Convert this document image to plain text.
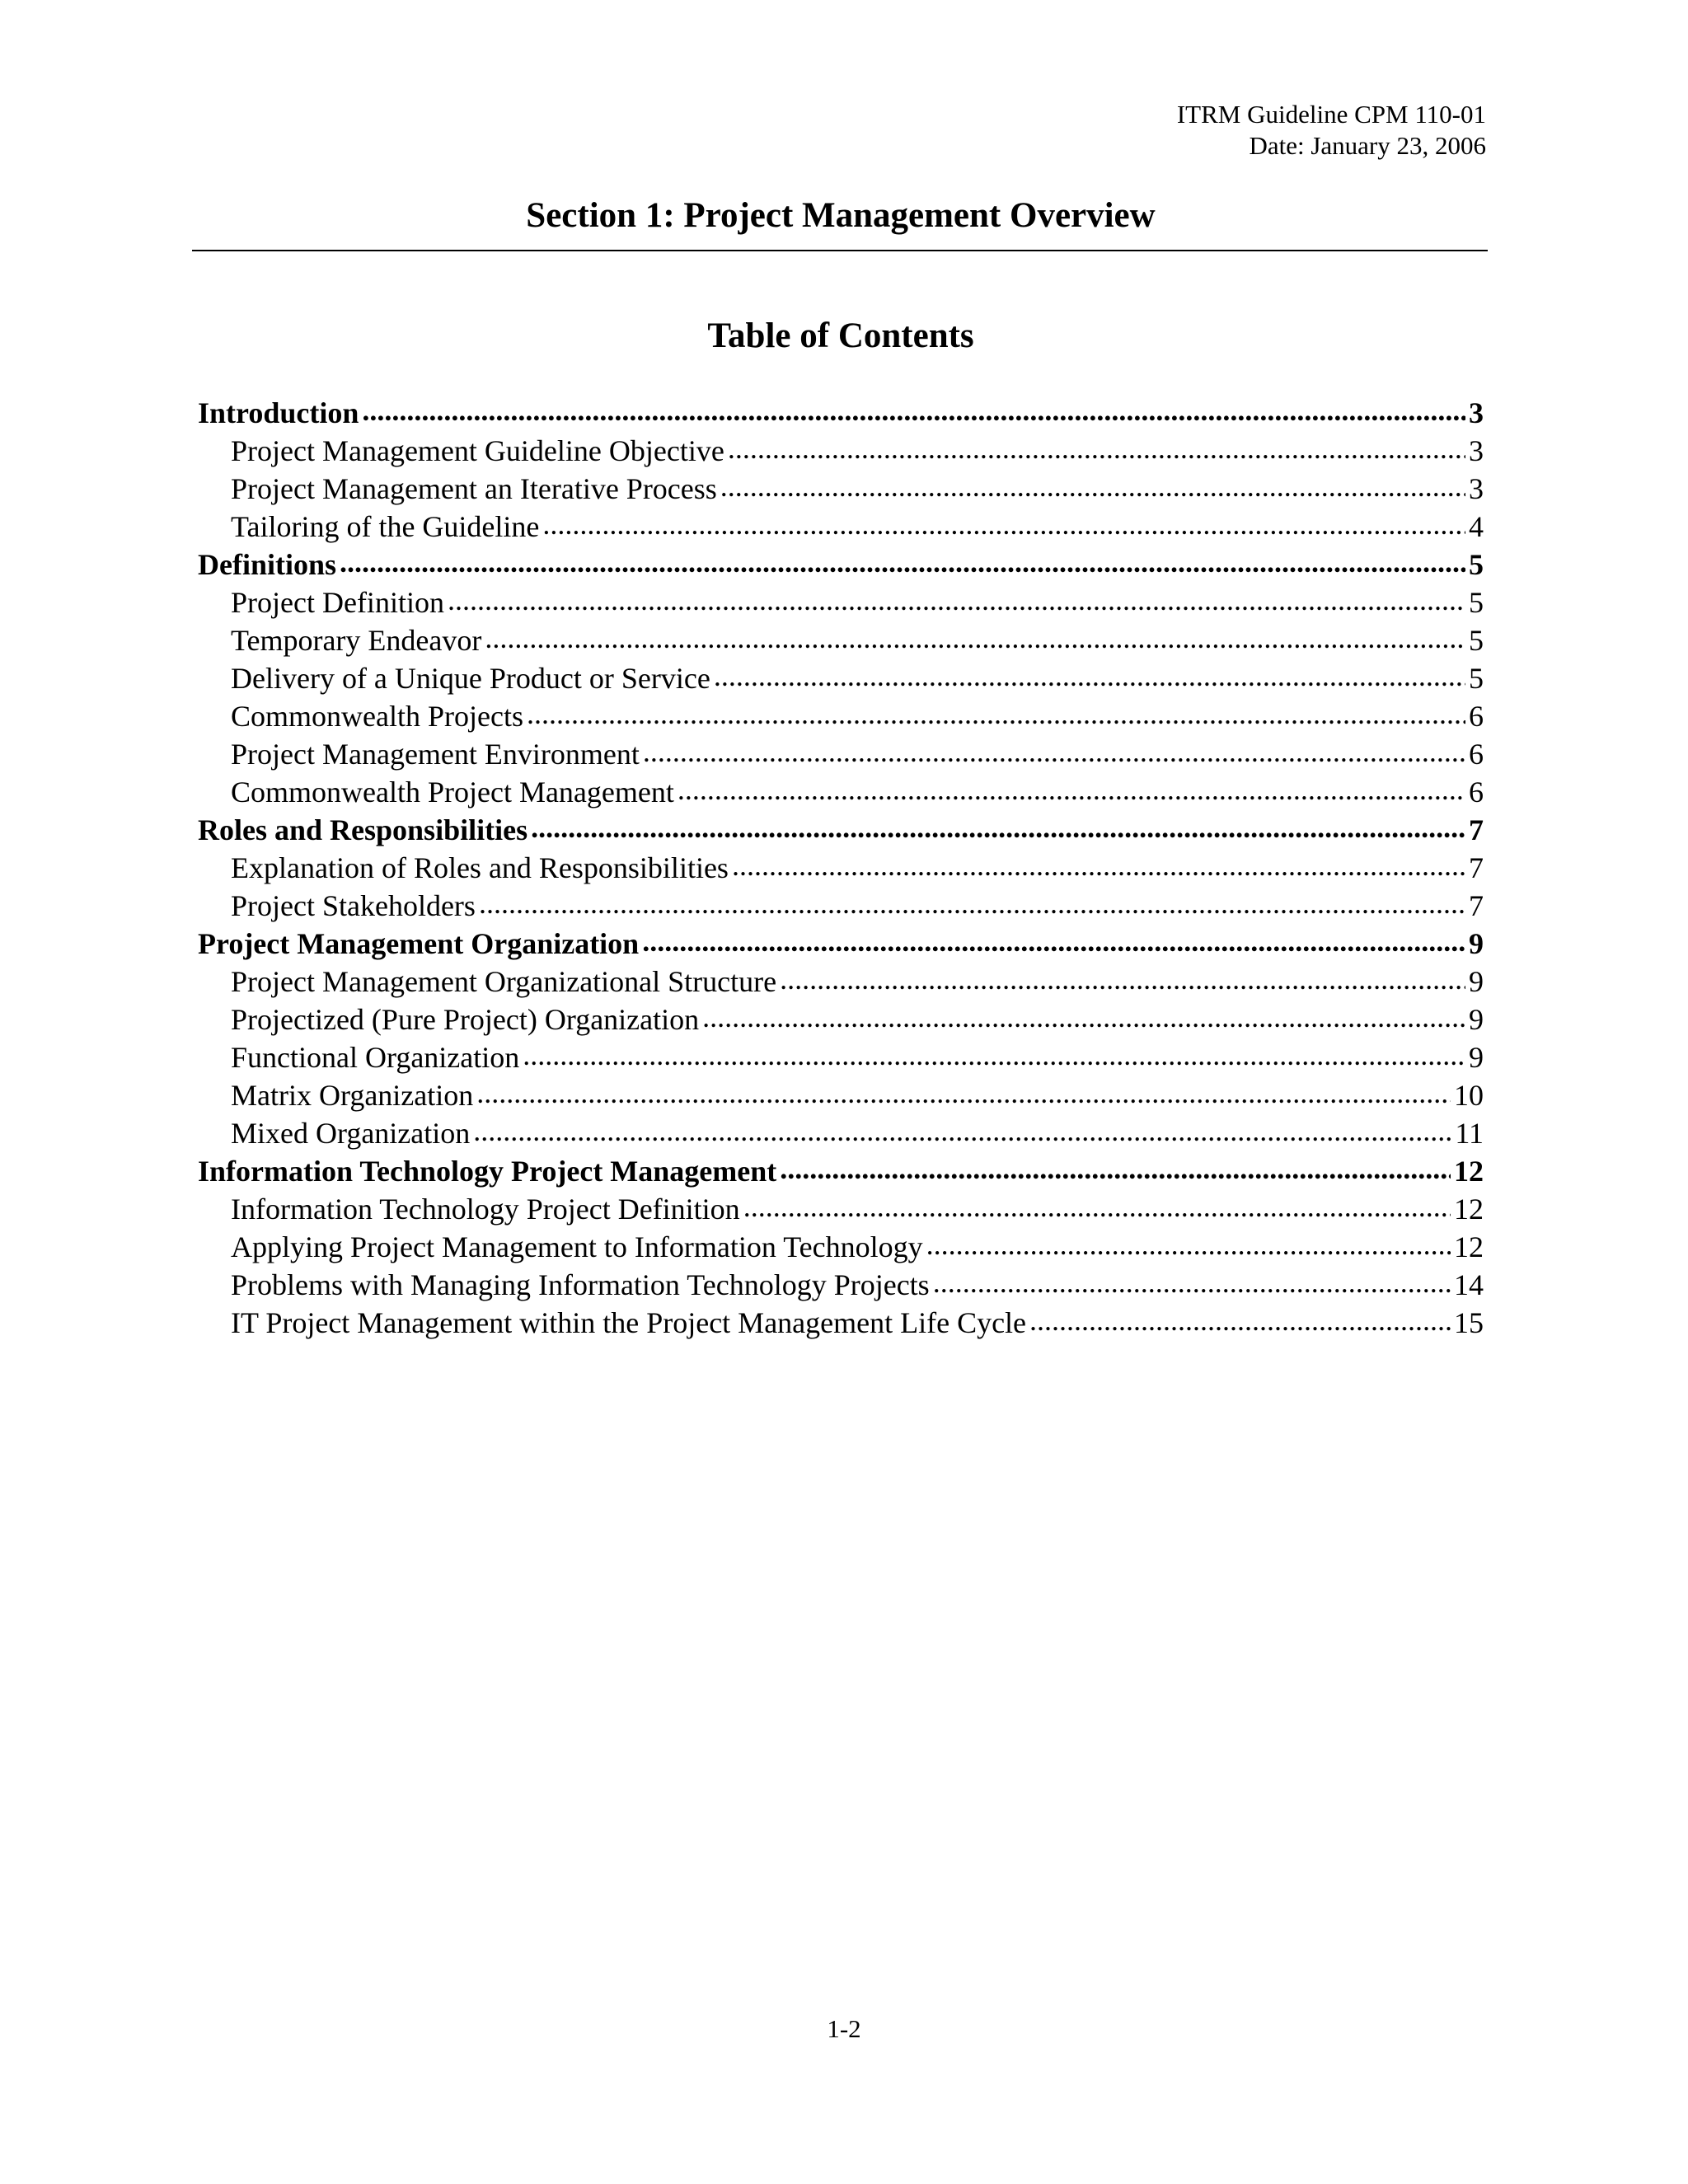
ITRM Guideline CPM 110-01
Date: January 23, 2006
Section 1: Project Management Overview
Table of Contents
Introduction .....	3
Project Management Guideline Objective .....	3
Project Management an Iterative Process .....	3
Tailoring of the Guideline .....	4
Definitions .....	5
Project Definition .....	5
Temporary Endeavor .....	5
Delivery of a Unique Product or Service .....	5
Commonwealth Projects .....	6
Project Management Environment .....	6
Commonwealth Project Management .....	6
Roles and Responsibilities .....	7
Explanation of Roles and Responsibilities .....	7
Project Stakeholders .....	7
Project Management Organization .....	9
Project Management Organizational Structure .....	9
Projectized (Pure Project) Organization .....	9
Functional Organization .....	9
Matrix Organization .....	10
Mixed Organization .....	11
Information Technology Project Management .....	12
Information Technology Project Definition .....	12
Applying Project Management to Information Technology .....	12
Problems with Managing Information Technology Projects .....	14
IT Project Management within the Project Management Life Cycle .....	15
1-2
